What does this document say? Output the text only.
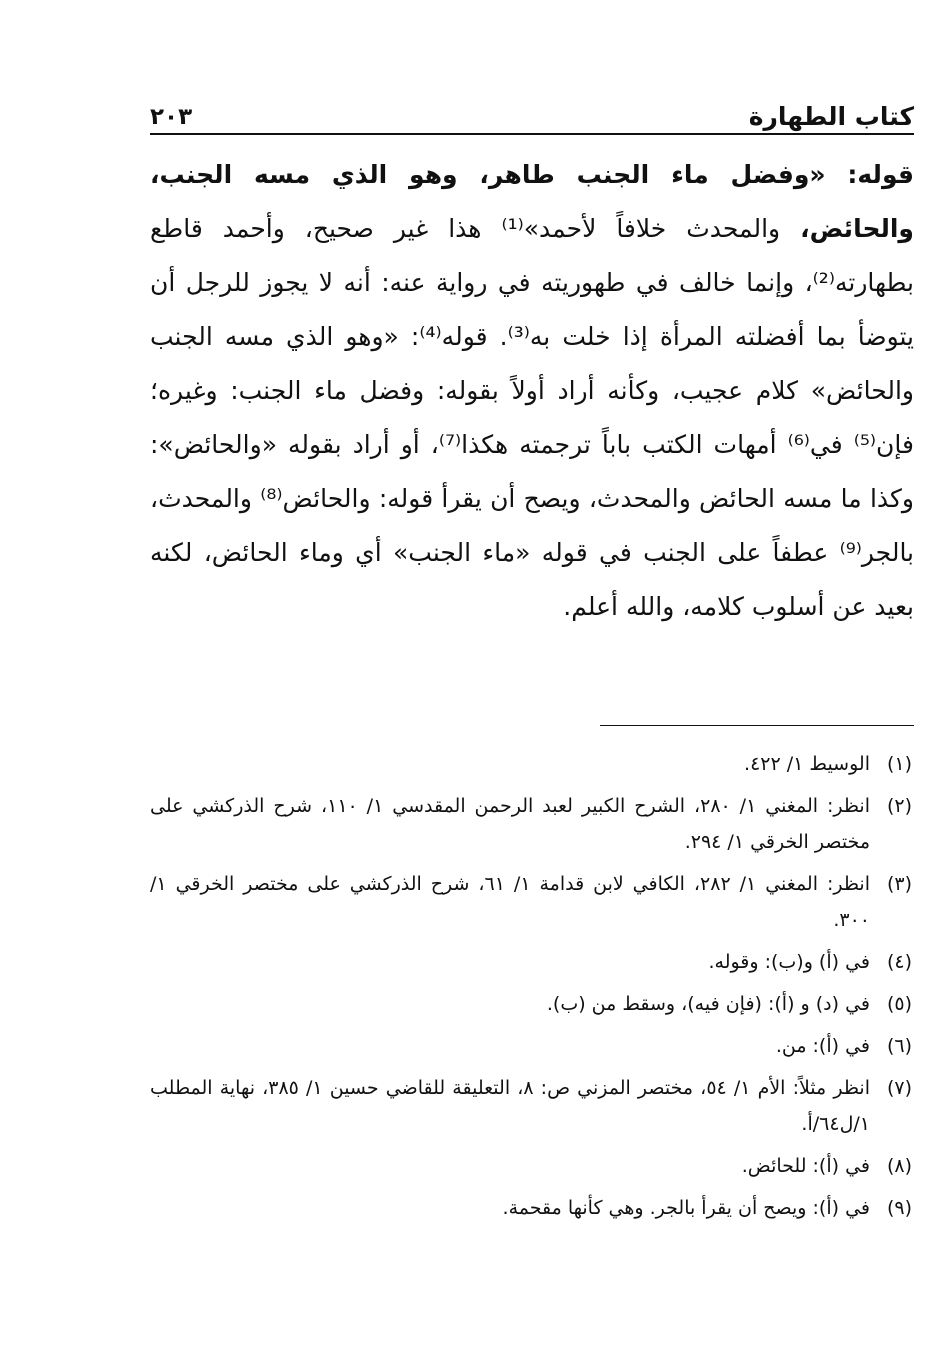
كتاب الطهارة
٢٠٣

قوله: «وفضل ماء الجنب طاهر، وهو الذي مسه الجنب، والحائض، والمحدث خلافاً لأحمد»⁽¹⁾ هذا غير صحيح، وأحمد قاطع بطهارته⁽²⁾، وإنما خالف في طهوريته في رواية عنه: أنه لا يجوز للرجل أن يتوضأ بما أفضلته المرأة إذا خلت به⁽³⁾. قوله⁽⁴⁾: «وهو الذي مسه الجنب والحائض» كلام عجيب، وكأنه أراد أولاً بقوله: وفضل ماء الجنب: وغيره؛ فإن⁽⁵⁾ في⁽⁶⁾ أمهات الكتب باباً ترجمته هكذا⁽⁷⁾، أو أراد بقوله «والحائض»: وكذا ما مسه الحائض والمحدث، ويصح أن يقرأ قوله: والحائض⁽⁸⁾ والمحدث، بالجر⁽⁹⁾ عطفاً على الجنب في قوله «ماء الجنب» أي وماء الحائض، لكنه بعيد عن أسلوب كلامه، والله أعلم.

(١)
الوسيط ١/ ٤٢٢.
(٢)
انظر: المغني ١/ ٢٨٠، الشرح الكبير لعبد الرحمن المقدسي ١/ ١١٠، شرح الذركشي على مختصر الخرقي ١/ ٢٩٤.
(٣)
انظر: المغني ١/ ٢٨٢، الكافي لابن قدامة ١/ ٦١، شرح الذركشي على مختصر الخرقي ١/ ٣٠٠.
(٤)
في (أ) و(ب): وقوله.
(٥)
في (د) و (أ): (فإن فيه)، وسقط من (ب).
(٦)
في (أ): من.
(٧)
انظر مثلاً: الأم ١/ ٥٤، مختصر المزني ص: ٨، التعليقة للقاضي حسين ١/ ٣٨٥، نهاية المطلب ١/ل٦٤/أ.
(٨)
في (أ): للحائض.
(٩)
في (أ): ويصح أن يقرأ بالجر. وهي كأنها مقحمة.
